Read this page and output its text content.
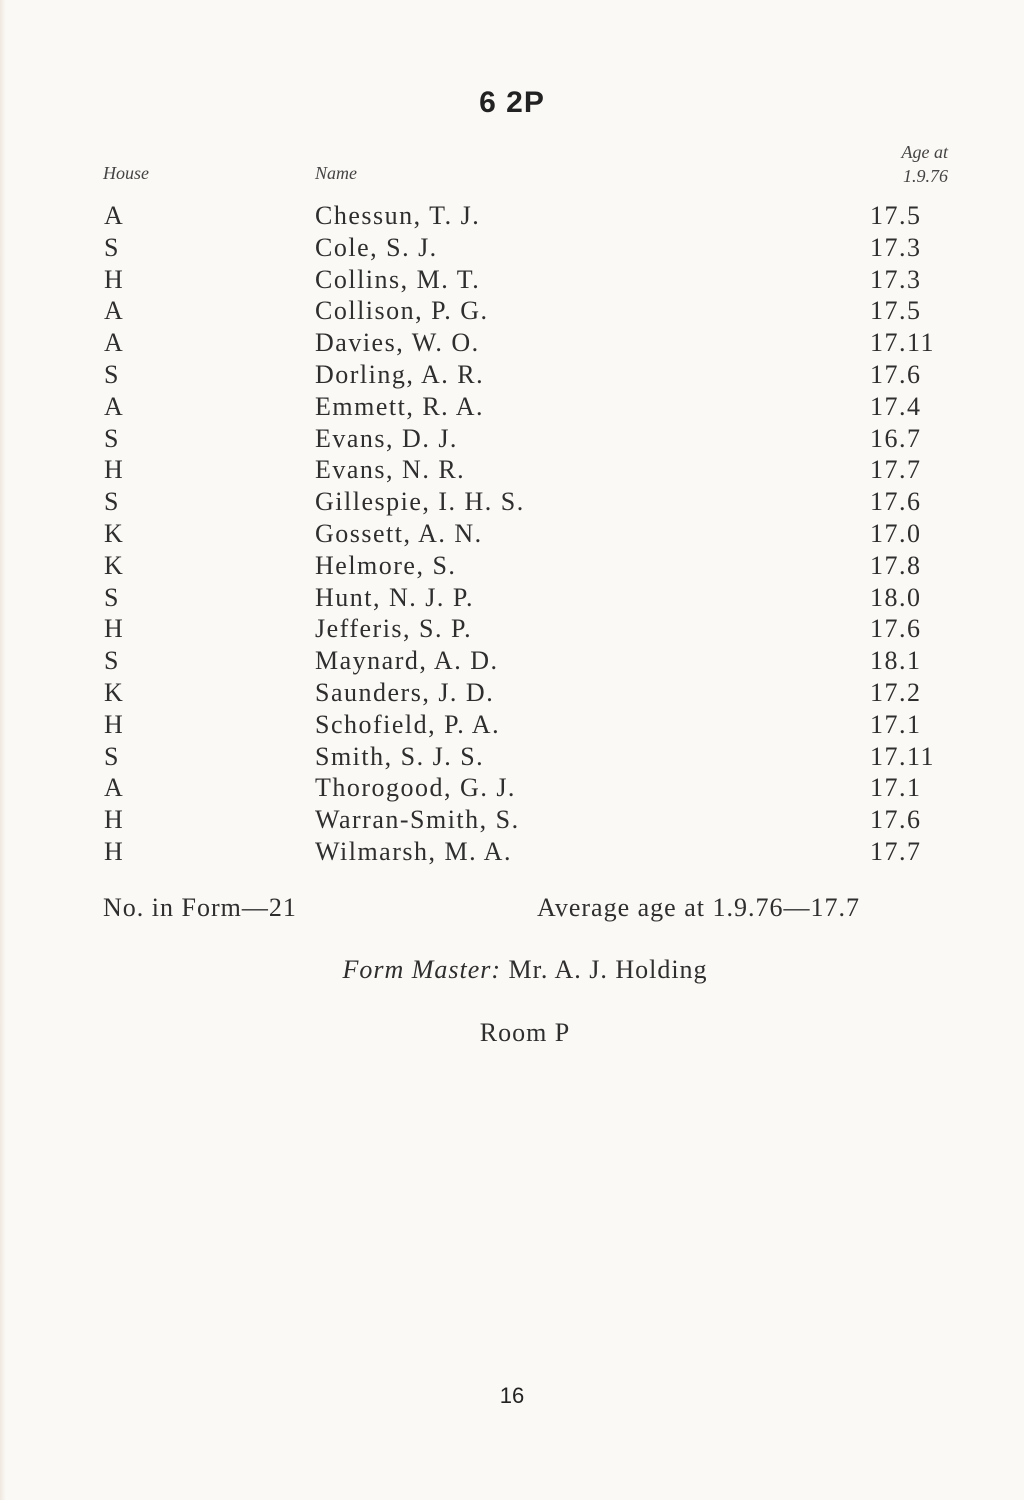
6 2P
House	Name
Age at
1.9.76
A	Chessun, T. J.	17.5
S	Cole, S. J.	17.3
H	Collins, M. T.	17.3
A	Collison, P. G.	17.5
A	Davies, W. O.	17.11
S	Dorling, A. R.	17.6
A	Emmett, R. A.	17.4
S	Evans, D. J.	16.7
H	Evans, N. R.	17.7
S	Gillespie, I. H. S.	17.6
K	Gossett, A. N.	17.0
K	Helmore, S.	17.8
S	Hunt, N. J. P.	18.0
H	Jefferis, S. P.	17.6
S	Maynard, A. D.	18.1
K	Saunders, J. D.	17.2
H	Schofield, P. A.	17.1
S	Smith, S. J. S.	17.11
A	Thorogood, G. J.	17.1
H	Warran-Smith, S.	17.6
H	Wilmarsh, M. A.	17.7
No. in Form—21	Average age at 1.9.76—17.7
Form Master: Mr. A. J. Holding
Room P
16
